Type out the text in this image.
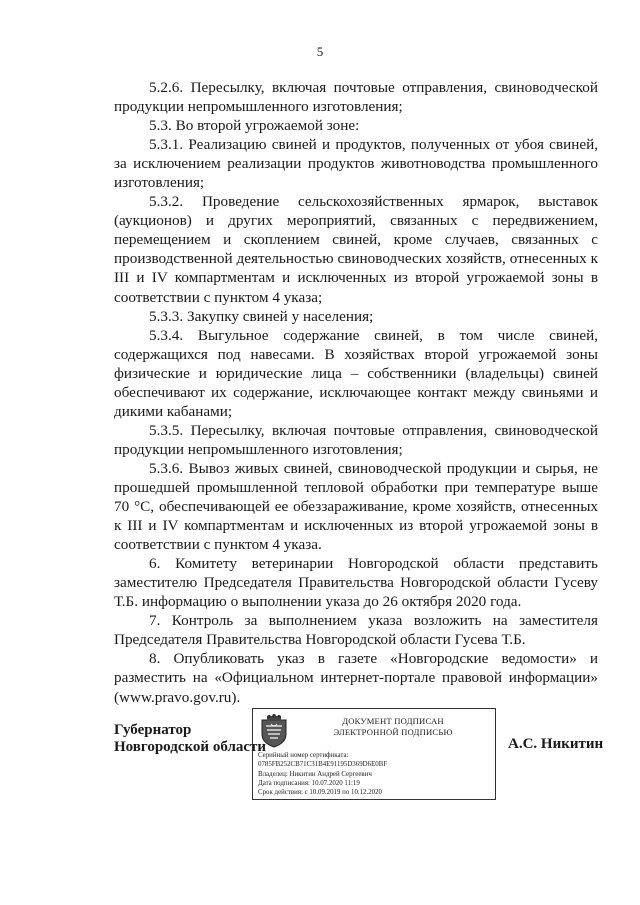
5

5.2.6. Пересылку, включая почтовые отправления, свиноводческой продукции непромышленного изготовления;

5.3. Во второй угрожаемой зоне:

5.3.1. Реализацию свиней и продуктов, полученных от убоя свиней, за исключением реализации продуктов животноводства промышленного изготовления;

5.3.2. Проведение сельскохозяйственных ярмарок, выставок (аукционов) и других мероприятий, связанных с передвижением, перемещением и скоплением свиней, кроме случаев, связанных с производственной деятельностью свиноводческих хозяйств, отнесенных к III и IV компартментам и исключенных из второй угрожаемой зоны в соответствии с пунктом 4 указа;

5.3.3. Закупку свиней у населения;

5.3.4. Выгульное содержание свиней, в том числе свиней, содержащихся под навесами. В хозяйствах второй угрожаемой зоны физические и юридические лица – собственники (владельцы) свиней обеспечивают их содержание, исключающее контакт между свиньями и дикими кабанами;

5.3.5. Пересылку, включая почтовые отправления, свиноводческой продукции непромышленного изготовления;

5.3.6. Вывоз живых свиней, свиноводческой продукции и сырья, не прошедшей промышленной тепловой обработки при температуре выше 70 °С, обеспечивающей ее обеззараживание, кроме хозяйств, отнесенных к III и IV компартментам и исключенных из второй угрожаемой зоны в соответствии с пунктом 4 указа.

6. Комитету ветеринарии Новгородской области представить заместителю Председателя Правительства Новгородской области Гусеву Т.Б. информацию о выполнении указа до 26 октября 2020 года.

7. Контроль за выполнением указа возложить на заместителя Председателя Правительства Новгородской области Гусева Т.Б.

8. Опубликовать указ в газете «Новгородские ведомости» и разместить на «Официальном интернет-портале правовой информации» (www.pravo.gov.ru).

Губернатор
Новгородской области
ДОКУМЕНТ ПОДПИСАН
ЭЛЕКТРОННОЙ ПОДПИСЬЮ
Серийный номер сертификата:
0785FB252CB71C31B4E91195D369D6E0BF
Владелец: Никитин Андрей Сергеевич
Дата подписания: 10.07.2020 11:19
Срок действия: с 10.09.2019 по 10.12.2020
А.С. Никитин
